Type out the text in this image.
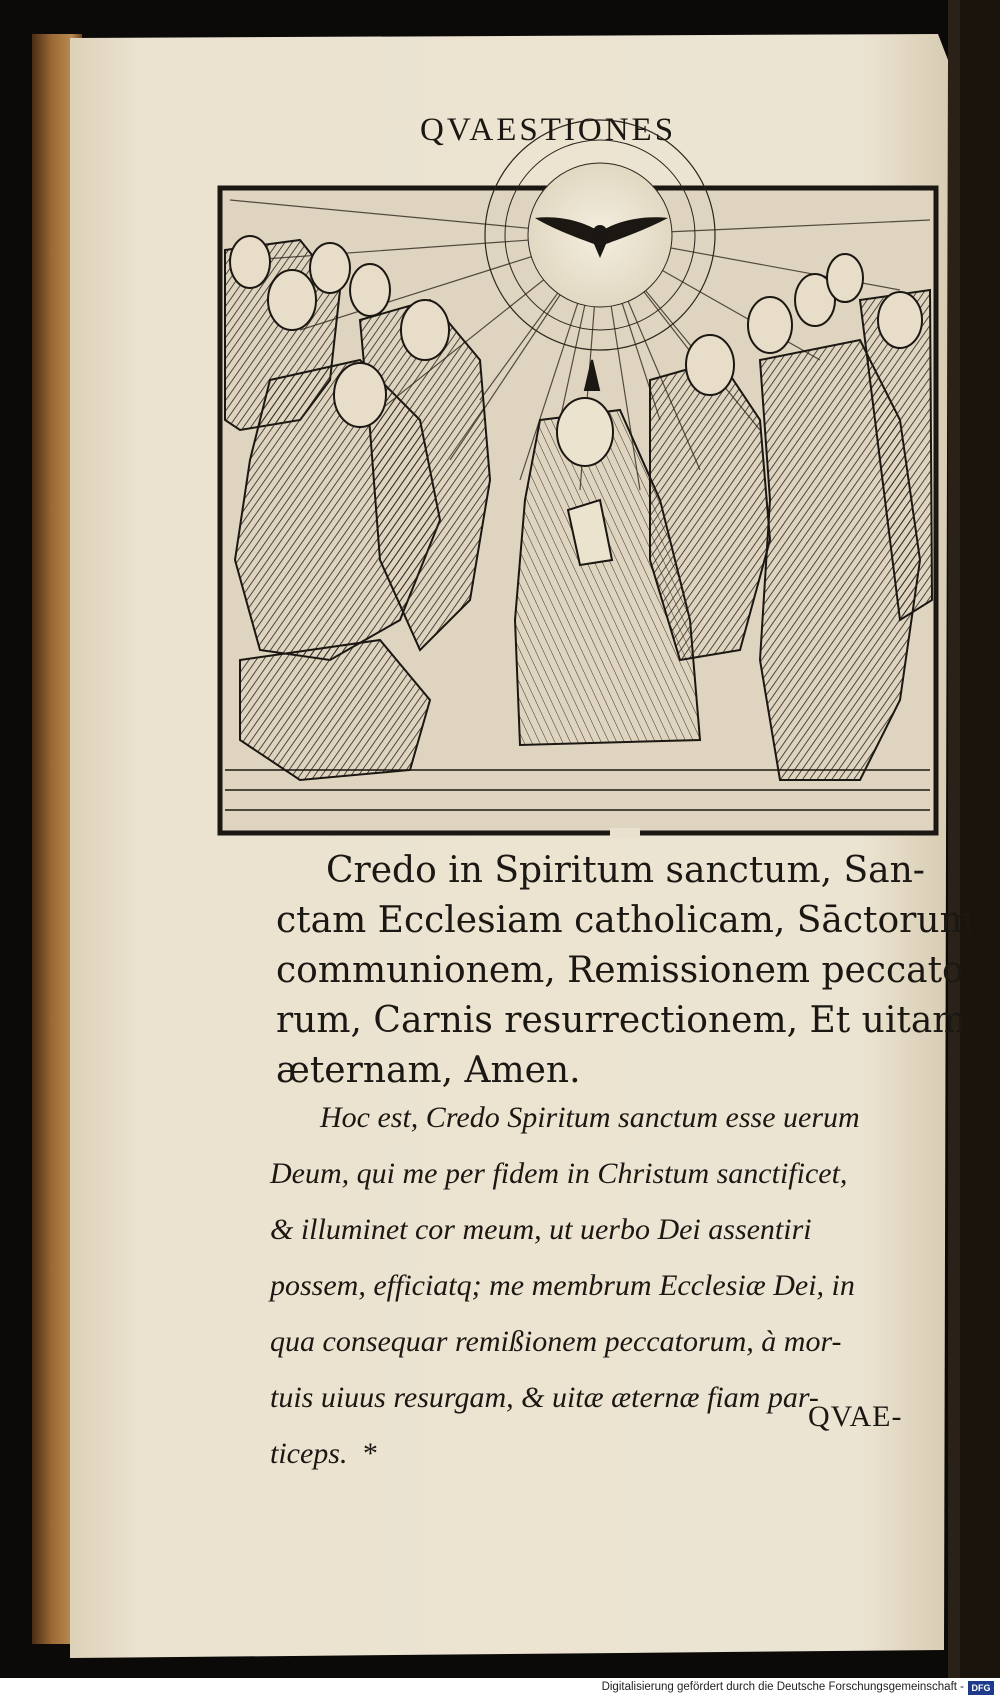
QVAESTIONES
Credo in Spiritum sanctum, San-
ctam Ecclesiam catholicam, Sāctorum
communionem, Remissionem peccato
rum, Carnis resurrectionem, Et uitam
æternam, Amen.
Hoc est, Credo Spiritum sanctum esse uerum
Deum, qui me per fidem in Christum sanctificet,
& illuminet cor meum, ut uerbo Dei assentiri
possem, efficiatq; me membrum Ecclesiæ Dei, in
qua consequar remißionem peccatorum, à mor-
tuis uiuus resurgam, & uitæ æternæ fiam par-
ticeps. *
QVAE-
Digitalisierung gefördert durch die Deutsche Forschungsgemeinschaft - DFG
